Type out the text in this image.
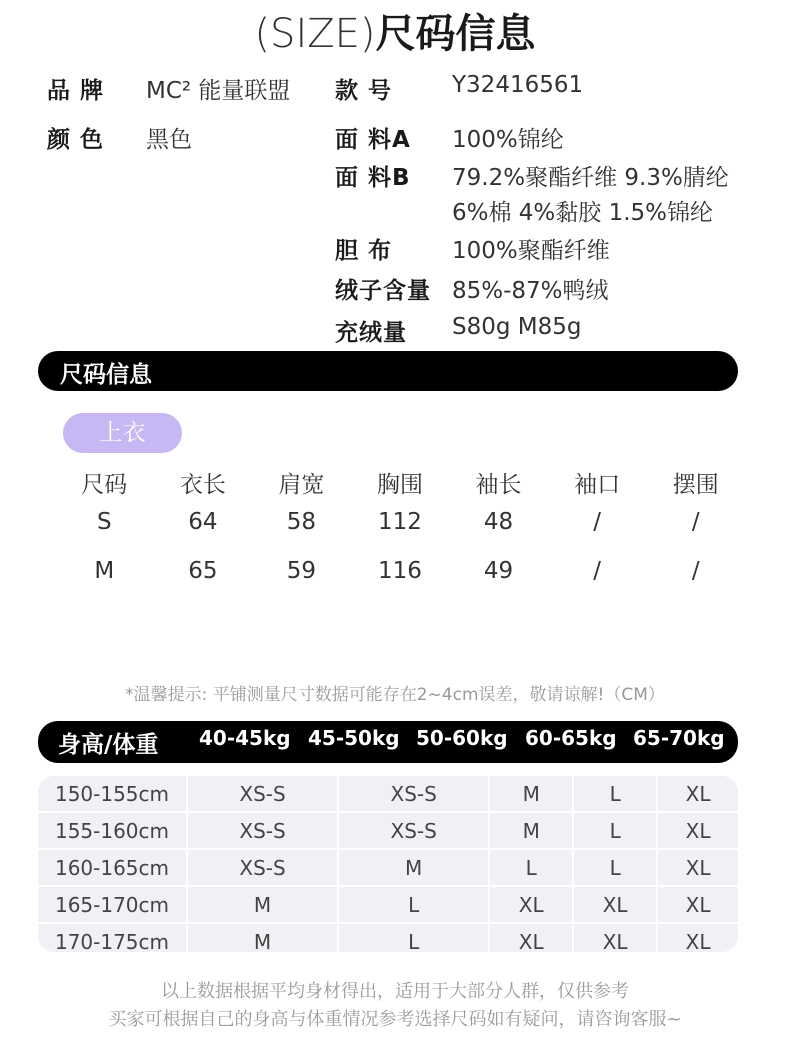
(SIZE)尺码信息
品 牌 MC² 能量联盟 款 号	Y32416561
颜 色 黑色	面 料A 100%锦纶
面 料B 79.2%聚酯纤维 9.3%腈纶
6%棉 4%黏胶 1.5%锦纶
胆 布	100%聚酯纤维
绒子含量 85%-87%鸭绒
充绒量 S80g M85g
尺码信息
上衣
尺码	衣长	肩宽	胸围	袖长	袖口	摆围
S	64	58	112	48	/	/
M	65	59	116	49	/	/
*温馨提示: 平铺测量尺寸数据可能存在2~4cm误差，敬请谅解!（CM）
身高/体重 40-45kg 45-50kg 50-60kg 60-65kg 65-70kg
150-155cm	XS-S	XS-S	M	L	XL
155-160cm	XS-S	XS-S	M	L	XL
160-165cm	XS-S	M	L	L	XL
165-170cm	M	L	XL	XL	XL
170-175cm	M	L	XL	XL	XL
以上数据根据平均身材得出，适用于大部分人群，仅供参考
买家可根据自己的身高与体重情况参考选择尺码如有疑问，请咨询客服~
